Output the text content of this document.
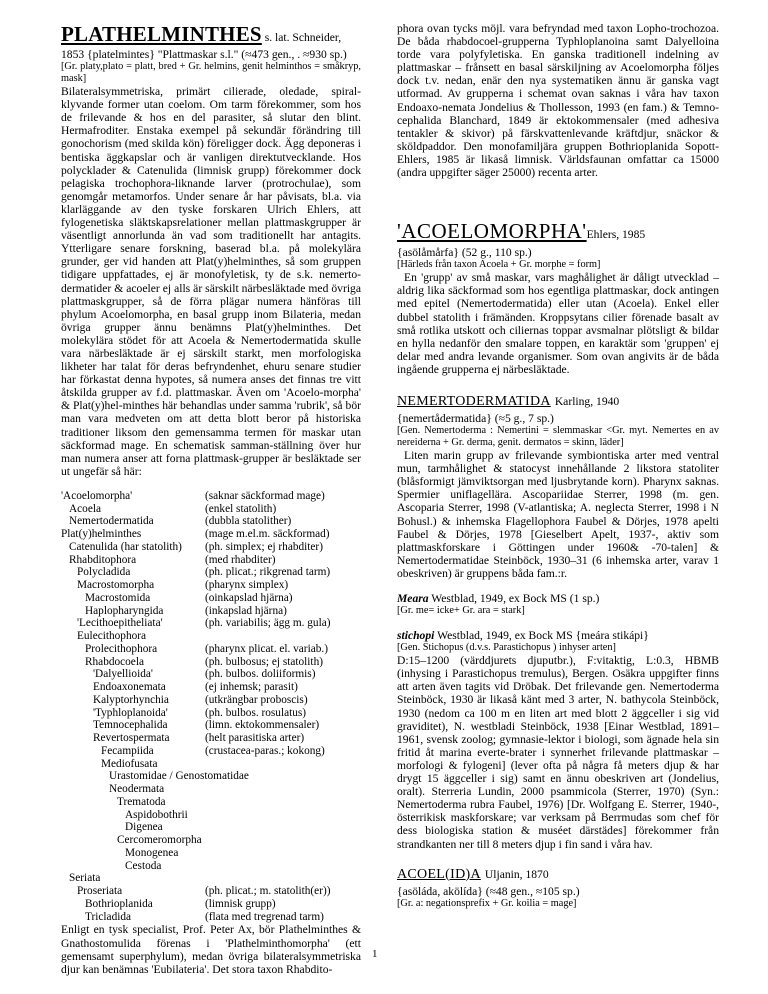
PLATHELMINTHES s. lat. Schneider,

1853 {platelmintes} "Plattmaskar s.l." (≈473 gen., . ≈930 sp.)

[Gr. platy,plato = platt, bred + Gr. helmins, genit helminthos = småkryp, mask]

Bilateralsymmetriska, primärt cilierade, oledade, spiral-klyvande former utan coelom. Om tarm förekommer, som hos de frilevande & hos en del parasiter, så slutar den blint. Hermafroditer. Enstaka exempel på sekundär förändring till gonochorism (med skilda kön) föreligger dock. Ägg deponeras i bentiska äggkapslar och är vanligen direktutvecklande. Hos polycklader & Catenulida (limnisk grupp) förekommer dock pelagiska trochophora-liknande larver (protrochulae), som genomgår metamorfos. Under senare år har påvisats, bl.a. via klarläggande av den tyske forskaren Ulrich Ehlers, att fylogenetiska släktskapsrelationer mellan plattmaskgrupper är väsentligt annorlunda än vad som traditionellt har antagits. Ytterligare senare forskning, baserad bl.a. på molekylära grunder, ger vid handen att Plat(y)helminthes, så som gruppen tidigare uppfattades, ej är monofyletisk, ty de s.k. nemerto-dermatider & acoeler ej alls är särskilt närbesläktade med övriga plattmaskgrupper, så de förra plägar numera hänföras till phylum Acoelomorpha, en basal grupp inom Bilateria, medan övriga grupper ännu benämns Plat(y)helminthes. Det molekylära stödet för att Acoela & Nemertodermatida skulle vara närbesläktade är ej särskilt starkt, men morfologiska likheter har talat för deras befryndenhet, ehuru senare studier har förkastat denna hypotes, så numera anses det finnas tre vitt åtskilda grupper av f.d. plattmaskar. Även om 'Acoelo-morpha' & Plat(y)hel-minthes här behandlas under samma 'rubrik', så bör man vara medveten om att detta blott beror på historiska traditioner liksom den gemensamma termen för maskar utan säckformad mage. En schematisk samman-ställning över hur man numera anser att forna plattmask-grupper är besläktade ser ut ungefär så här:

'Acoelomorpha'	(saknar säckformad mage)
Acoela	(enkel statolith)
Nemertodermatida	(dubbla statolither)
Plat(y)helminthes	(mage m.el.m. säckformad)
Catenulida (har statolith)	(ph. simplex; ej rhabditer)
Rhabditophora	(med rhabditer)
Polycladida	(ph. plicat.; rikgrenad tarm)
Macrostomorpha	(pharynx simplex)
Macrostomida	(oinkapslad hjärna)
Haplopharyngida	(inkapslad hjärna)
'Lecithoepitheliata'	(ph. variabilis; ägg m. gula)
Eulecithophora
Prolecithophora	(pharynx plicat. el. variab.)
Rhabdocoela	(ph. bulbosus; ej statolith)
'Dalyellioida'	(ph. bulbos. doliiformis)
Endoaxonemata	(ej inhemsk; parasit)
Kalyptorhynchia	(utkrängbar proboscis)
'Typhloplanoida'	(ph. bulbos. rosulatus)
Temnocephalida	(limn. ektokommensaler)
Revertospermata	(helt parasitiska arter)
Fecampiida	(crustacea-paras.; kokong)
Mediofusata
Urastomidae / Genostomatidae
Neodermata
Trematoda
Aspidobothrii
Digenea
Cercomeromorpha
Monogenea
Cestoda
Seriata
Proseriata	(ph. plicat.; m. statolith(er))
Bothrioplanida	(limnisk grupp)
Tricladida	(flata med tregrenad tarm)

Enligt en tysk specialist, Prof. Peter Ax, bör Plathelminthes & Gnathostomulida förenas i 'Plathelminthomorpha' (ett gemensamt superphylum), medan övriga bilateralsymmetriska djur kan benämnas 'Eubilateria'. Det stora taxon Rhabdito-

phora ovan tycks möjl. vara befryndad med taxon Lopho-trochozoa. De båda rhabdocoel-grupperna Typhloplanoina samt Dalyelloina torde vara polyfyletiska. En ganska traditionell indelning av plattmaskar – frånsett en basal särskiljning av Acoelomorpha följes dock t.v. nedan, enär den nya systematiken ännu är ganska vagt utformad. Av grupperna i schemat ovan saknas i våra hav taxon Endoaxo-nemata Jondelius & Thollesson, 1993 (en fam.) & Temno-cephalida Blanchard, 1849 är ektokommensaler (med adhesiva tentakler & skivor) på färskvattenlevande kräftdjur, snäckor & sköldpaddor. Den monofamiljära gruppen Bothrioplanida Sopott-Ehlers, 1985 är likaså limnisk. Världsfaunan omfattar ca 15000 (andra uppgifter säger 25000) recenta arter.

'ACOELOMORPHA'Ehlers, 1985

{asölåmårfa} (52 g., 110 sp.)

[Härleds från taxon Acoela + Gr. morphe = form]

En 'grupp' av små maskar, vars maghålighet är dåligt utvecklad – aldrig lika säckformad som hos egentliga plattmaskar, dock antingen med epitel (Nemertodermatida) eller utan (Acoela). Enkel eller dubbel statolith i främänden. Kroppsytans cilier förenade basalt av små rotlika utskott och ciliernas toppar avsmalnar plötsligt & bildar en hylla nedanför den smalare toppen, en karaktär som 'gruppen' ej delar med andra levande organismer. Som ovan angivits är de båda ingående grupperna ej närbesläktade.

NEMERTODERMATIDA Karling, 1940

{nemertådermatida} (≈5 g., 7 sp.)

[Gen. Nemertoderma : Nemertini = slemmaskar <Gr. myt. Nemertes en av nereiderna + Gr. derma, genit. dermatos = skinn, läder]

Liten marin grupp av frilevande symbiontiska arter med ventral mun, tarmhålighet & statocyst innehållande 2 likstora statoliter (blåsformigt jämviktsorgan med ljusbrytande korn). Pharynx saknas. Spermier uniflagellära. Ascopariidae Sterrer, 1998 (m. gen. Ascoparia Sterrer, 1998 (V-atlantiska; A. neglecta Sterrer, 1998 i N Bohusl.) & inhemska Flagellophora Faubel & Dörjes, 1978 apelti Faubel & Dörjes, 1978 [Gieselbert Apelt, 1937-, aktiv som plattmaskforskare i Göttingen under 1960& -70-talen] & Nemertodermatidae Steinböck, 1930–31 (6 inhemska arter, varav 1 obeskriven) är gruppens båda fam.:r.

Meara Westblad, 1949, ex Bock MS (1 sp.)

[Gr. me= icke+ Gr. ara = stark]

stichopi Westblad, 1949, ex Bock MS {meára stikápi}

[Gen. Stichopus (d.v.s. Parastichopus ) inhyser arten]

D:15–1200 (värddjurets djuputbr.), F:vitaktig, L:0.3, HBMB (inhysing i Parastichopus tremulus), Bergen. Osäkra uppgifter finns att arten även tagits vid Dröbak. Det frilevande gen. Nemertoderma Steinböck, 1930 är likaså känt med 3 arter, N. bathycola Steinböck, 1930 (nedom ca 100 m en liten art med blott 2 äggceller i sig vid graviditet), N. westbladi Steinböck, 1938 [Einar Westblad, 1891–1961, svensk zoolog; gymnasie-lektor i biologi, som ägnade hela sin fritid åt marina everte-brater i synnerhet frilevande plattmaskar – morfologi & fylogeni] (lever ofta på några få meters djup & har drygt 15 äggceller i sig) samt en ännu obeskriven art (Jondelius, oralt). Sterreria Lundin, 2000 psammicola (Sterrer, 1970) (Syn.: Nemertoderma rubra Faubel, 1976) [Dr. Wolfgang E. Sterrer, 1940-, österrikisk maskforskare; var verksam på Berrmudas som chef för dess biologiska station & muséet därstädes] förekommer från strandkanten ner till 8 meters djup i fin sand i våra hav.

ACOEL(ID)A Uljanin, 1870

{asöláda, akölída} (≈48 gen., ≈105 sp.)

[Gr. a: negationsprefix + Gr. koilia = mage]

1
